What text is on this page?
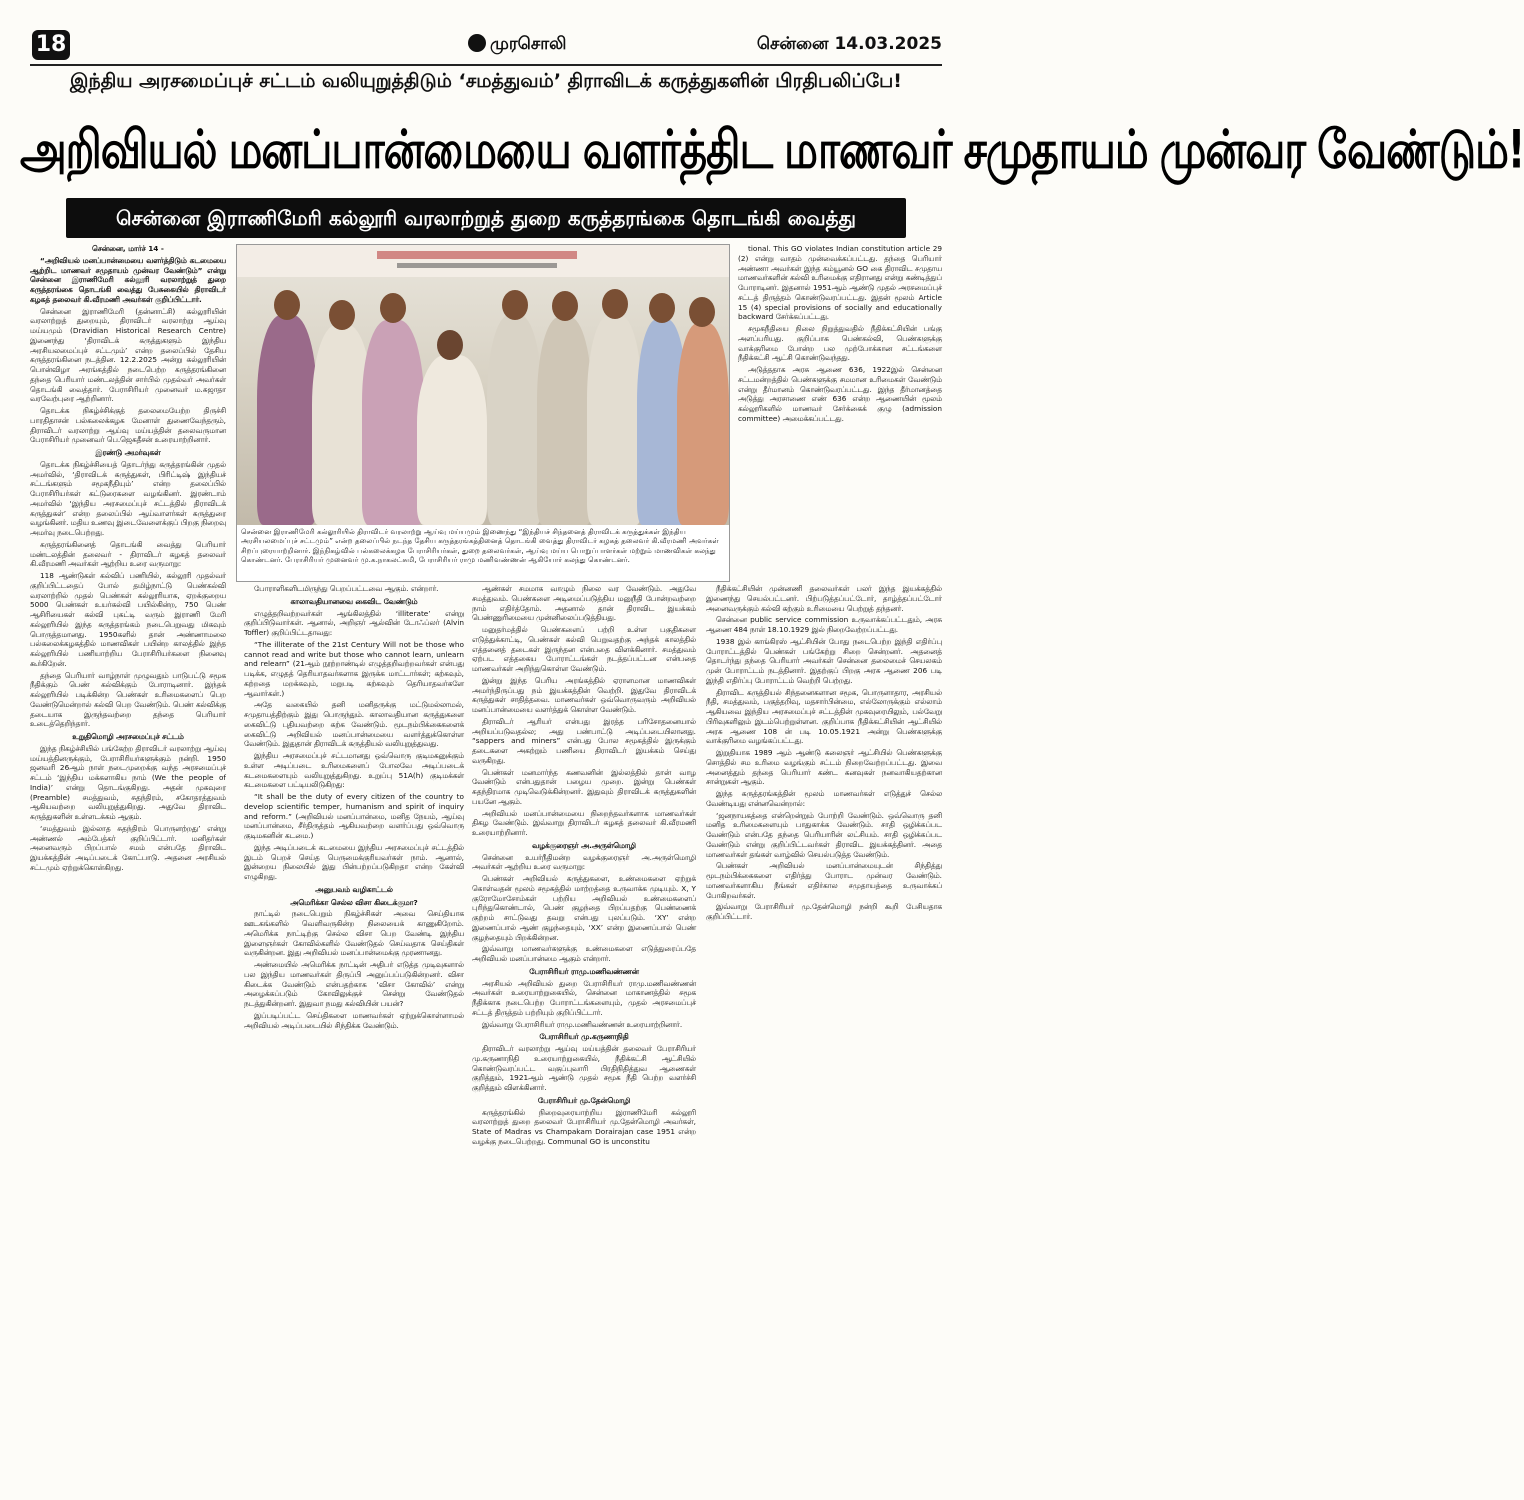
18	முரசொலி	சென்னை 14.03.2025
இந்திய அரசமைப்புச் சட்டம் வலியுறுத்திடும் ‘சமத்துவம்’ திராவிடக் கருத்துகளின் பிரதிபலிப்பே!
அறிவியல் மனப்பான்மையை வளர்த்திட மாணவர் சமுதாயம் முன்வர வேண்டும்!
சென்னை இராணிமேரி கல்லூரி வரலாற்றுத் துறை கருத்தரங்கை தொடங்கி வைத்து
சென்னை இராணிமேரி கல்லூரியில் திராவிடர் வரலாற்று ஆய்வு மய்யமும் இணைந்து “இந்தியச் சிந்தனைத் திராவிடக் கருத்துக்கள் இந்திய அரசியலமைப்புச் சட்டமும்” என்ற தலைப்பில் நடந்த தேசிய கருத்தரங்கத்தினைத் தொடங்கி வைத்து திராவிடர் கழகத் தலைவர் கி.வீரமணி அவர்கள் சிறப்புரையாற்றினார். இந்நிகழ்வில் பல்கலைக்கழக பேராசிரியர்கள், துறை தலைவர்கள், ஆய்வு மய்ய பொறுப்பாளர்கள் மற்றும் மாணவிகள் கலந்து கொண்டனர். பேராசிரியர் முனைவர் மு.க.நாகலட்சுமி, பேராசிரியர் ராமு மணிவண்ணன் ஆகியோர் கலந்து கொண்டனர்.

சென்னை, மார்ச் 14 -

“அறிவியல் மனப்பான்மையை வளர்த்திடும் கடமையை ஆற்றிட மாணவர் சமுதாயம் முன்வர வேண்டும்” என்று சென்னை இராணிமேரி கல்லூரி வரலாற்றுத் துறை கருத்தரங்கை தொடங்கி வைத்து பேசுகையில் திராவிடர் கழகத் தலைவர் கி.வீரமணி அவர்கள் குறிப்பிட்டார்.

சென்னை இராணிமேரி (தன்னாட்சி) கல்லூரியின் வரலாற்றுத் துறையும், திராவிடர் வரலாற்று ஆய்வு மய்யமும் (Dravidian Historical Research Centre) இணைந்து ‘திராவிடக் கருத்துகளும் இந்திய அரசியலமைப்புச் சட்டமும்’ என்ற தலைப்பில் தேசிய கருத்தரங்கினை நடத்தின. 12.2.2025 அன்று கல்லூரியின் பொன்விழா அரங்கத்தில் நடைபெற்ற கருத்தரங்கினை தந்தை பெரியார் மண்டலத்தின் சார்பில் முதல்வர் அவர்கள் தொடங்கி வைத்தார். பேராசிரியர் முனைவர் ம.சுஜாதா வரவேற்புரை ஆற்றினார்.

தொடக்க நிகழ்ச்சிக்குத் தலைமையேற்ற திருச்சி பாரதிதாசன் பல்கலைக்கழக மேனாள் துணைவேந்தரும், திராவிடர் வரலாற்று ஆய்வு மய்யத்தின் தலைவருமான பேராசிரியர் முனைவர் பெ.ஜெகதீசன் உரையாற்றினார்.

இரண்டு அமர்வுகள்

தொடக்க நிகழ்ச்சியைத் தொடர்ந்து கருத்தரங்கின் முதல் அமர்வில், ‘திராவிடக் கருத்துகள், பிரிட்டிஷ் இந்தியச் சட்டங்களும் சமூகநீதியும்’ என்ற தலைப்பில் பேராசிரியர்கள் கட்டுரைகளை வழங்கினர். இரண்டாம் அமர்வில் ‘இந்திய அரசமைப்புச் சட்டத்தில் திராவிடக் கருத்துகள்’ என்ற தலைப்பில் ஆய்வாளர்கள் கருத்துரை வழங்கினர். மதிய உணவு இடைவேளைக்குப் பிறகு நிறைவு அமர்வு நடைபெற்றது.

கருத்தரங்கினைத் தொடங்கி வைத்து பெரியார் மண்டலத்தின் தலைவர் - திராவிடர் கழகத் தலைவர் கி.வீரமணி அவர்கள் ஆற்றிய உரை வருமாறு:

118 ஆண்டுகள் கல்விப் பணியில், கல்லூரி முதல்வர் குறிப்பிட்டதைப் போல் தமிழ்நாட்டு பெண்கல்வி வரலாற்றில் முதல் பெண்கள் கல்லூரியாக, ஏறக்குறைய 5000 பெண்கள் உயர்கல்வி பயில்கின்ற, 750 பெண் ஆசிரியைகள் கல்வி புகட்டி வரும் இராணி மேரி கல்லூரியில் இந்த கருத்தரங்கம் நடைபெறுவது மிகவும் பொருத்தமானது. 1950களில் தான் அண்ணாமலை பல்கலைக்கழகத்தில் மாணவிகள் பயின்ற காலத்தில் இந்த கல்லூரியில் பணியாற்றிய பேராசிரியர்களை நினைவு கூர்கிறேன்.

தந்தை பெரியார் வாழ்நாள் முழுவதும் பாடுபட்டு சமூக நீதிக்கும் பெண் கல்விக்கும் போராடினார். இந்தக் கல்லூரியில் படிக்கின்ற பெண்கள் உரிமைகளைப் பெற வேண்டுமென்றால் கல்வி பெற வேண்டும். பெண் கல்விக்கு தடையாக இருந்தவற்றை தந்தை பெரியார் உடைத்தெறிந்தார்.

உறுதிமொழி அரசமைப்புச் சட்டம்

இந்த நிகழ்ச்சியில் பங்கேற்ற திராவிடர் வரலாற்று ஆய்வு மய்யத்தினருக்கும், பேராசிரியர்களுக்கும் நன்றி. 1950 ஜனவரி 26ஆம் நாள் நடைமுறைக்கு வந்த அரசமைப்புச் சட்டம் ‘இந்திய மக்களாகிய நாம் (We the people of India)’ என்று தொடங்குகிறது. அதன் முகவுரை (Preamble) சமத்துவம், சுதந்திரம், சகோதரத்துவம் ஆகியவற்றை வலியுறுத்துகிறது. அதுவே திராவிட கருத்துகளின் உள்ளடக்கம் ஆகும்.

‘சமத்துவம் இல்லாத சுதந்திரம் பொருளற்றது’ என்று அண்ணல் அம்பேத்கர் குறிப்பிட்டார். மனிதர்கள் அனைவரும் பிறப்பால் சமம் என்பதே திராவிட இயக்கத்தின் அடிப்படைக் கோட்பாடு. அதனை அரசியல் சட்டமும் ஏற்றுக்கொள்கிறது.

போராளிகளிடமிருந்து பெறப்பட்டவை ஆகும். என்றார்.

காலாவதியானவை கைவிட வேண்டும்

எழுத்தறிவற்றவர்கள் ஆங்கிலத்தில் ‘illiterate’ என்று குறிப்பிடுவார்கள். ஆனால், அறிஞர் ஆல்வின் டோஃப்லர் (Alvin Toffler) குறிப்பிட்டதாவது:

“The illiterate of the 21st Century Will not be those who cannot read and write but those who cannot learn, unlearn and relearn” (21ஆம் நூற்றாண்டில் எழுத்தறிவற்றவர்கள் என்பது படிக்க, எழுதத் தெரியாதவர்களாக இருக்க மாட்டார்கள்; கற்கவும், கற்றதை மறக்கவும், மறுபடி கற்கவும் தெரியாதவர்களே ஆவார்கள்.)

அதே வகையில் தனி மனிதருக்கு மட்டுமல்லாமல், சமுதாயத்திற்கும் இது பொருந்தும். காலாவதியான கருத்துகளை கைவிட்டு புதியவற்றை கற்க வேண்டும். மூடநம்பிக்கைகளைக் கைவிட்டு அறிவியல் மனப்பான்மையை வளர்த்துக்கொள்ள வேண்டும். இதுதான் திராவிடக் கருத்தியல் வலியுறுத்துவது.

இந்திய அரசமைப்புச் சட்டமானது ஒவ்வொரு குடிமகனுக்கும் உள்ள அடிப்படை உரிமைகளைப் போலவே அடிப்படைக் கடமைகளையும் வலியுறுத்துகிறது. உறுப்பு 51A(h) குடிமக்கள் கடமைகளை பட்டியலிடுகிறது:

“It shall be the duty of every citizen of the country to develop scientific temper, humanism and spirit of inquiry and reform.” (அறிவியல் மனப்பான்மை, மனித நேயம், ஆய்வு மனப்பான்மை, சீர்திருத்தம் ஆகியவற்றை வளர்ப்பது ஒவ்வொரு குடிமகனின் கடமை.)

இந்த அடிப்படைக் கடமையை இந்திய அரசமைப்புச் சட்டத்தில் இடம் பெறச் செய்த பெருமைக்குரியவர்கள் நாம். ஆனால், இன்றைய நிலையில் இது பின்பற்றப்படுகிறதா என்ற கேள்வி எழுகிறது.

அனுபவம் வழிகாட்டல்

அமெரிக்கா செல்ல விசா கிடைக்குமா?

நாட்டில் நடைபெறும் நிகழ்ச்சிகள் அவை செய்தியாக ஊடகங்களில் வெளிவருகின்ற நிலையைக் காணுகிறோம். அமெரிக்க நாட்டிற்கு செல்ல விசா பெற வேண்டி இந்திய இளைஞர்கள் கோவில்களில் வேண்டுதல் செய்வதாக செய்திகள் வருகின்றன. இது அறிவியல் மனப்பான்மைக்கு முரணானது.

அண்மையில் அமெரிக்க நாட்டின் அதிபர் எடுத்த முடிவுகளால் பல இந்திய மாணவர்கள் திருப்பி அனுப்பப்படுகின்றனர். விசா கிடைக்க வேண்டும் என்பதற்காக ‘விசா கோவில்’ என்று அழைக்கப்படும் கோவிலுக்குச் சென்று வேண்டுதல் நடத்துகின்றனர். இதுவா நமது கல்வியின் பயன்?

இப்படிப்பட்ட செய்திகளை மாணவர்கள் ஏற்றுக்கொள்ளாமல் அறிவியல் அடிப்படையில் சிந்திக்க வேண்டும்.

ஆண்கள் சமமாக வாழும் நிலை வர வேண்டும். அதுவே சமத்துவம். பெண்களை அடிமைப்படுத்திய மனுநீதி போன்றவற்றை நாம் எதிர்த்தோம். அதனால் தான் திராவிட இயக்கம் பெண்ணுரிமையை முன்னிலைப்படுத்தியது.

மனுதர்மத்தில் பெண்களைப் பற்றி உள்ள பகுதிகளை எடுத்துக்காட்டி, பெண்கள் கல்வி பெறுவதற்கு அந்தக் காலத்தில் எத்தனைத் தடைகள் இருந்தன என்பதை விளக்கினார். சமத்துவம் ஏற்பட எத்தகைய போராட்டங்கள் நடத்தப்பட்டன என்பதை மாணவர்கள் அறிந்துகொள்ள வேண்டும்.

இன்று இந்த பெரிய அரங்கத்தில் ஏராளமான மாணவிகள் அமர்ந்திருப்பது நம் இயக்கத்தின் வெற்றி. இதுவே திராவிடக் கருத்துகள் சாதித்தவை. மாணவர்கள் ஒவ்வொருவரும் அறிவியல் மனப்பான்மையை வளர்த்துக் கொள்ள வேண்டும்.

திராவிடர் ஆரியர் என்பது இரத்த பரிசோதனையால் அறியப்படுவதல்ல; அது பண்பாட்டு அடிப்படையிலானது. “sappers and miners” என்பது போல சமூகத்தில் இருக்கும் தடைகளை அகற்றும் பணியை திராவிடர் இயக்கம் செய்து வருகிறது.

பெண்கள் மனமார்ந்த கணவனின் இல்லத்தில் தான் வாழ வேண்டும் என்பதுதான் பழைய முறை. இன்று பெண்கள் சுதந்திரமாக முடிவெடுக்கின்றனர். இதுவும் திராவிடக் கருத்துகளின் பயனே ஆகும்.

அறிவியல் மனப்பான்மையை நிறைந்தவர்களாக மாணவர்கள் திகழ வேண்டும். இவ்வாறு திராவிடர் கழகத் தலைவர் கி.வீரமணி உரையாற்றினார்.

வழக்குரைஞர் அ.அருள்மொழி

சென்னை உயர்நீதிமன்ற வழக்குரைஞர் அ.அருள்மொழி அவர்கள் ஆற்றிய உரை வருமாறு:

பெண்கள் அறிவியல் கருத்துகளை, உண்மைகளை ஏற்றுக் கொள்வதன் மூலம் சமூகத்தில் மாற்றத்தை உருவாக்க முடியும். X, Y குரோமோசோம்கள் பற்றிய அறிவியல் உண்மைகளைப் புரிந்துகொண்டால், பெண் குழந்தை பிறப்பதற்கு பெண்ணைக் குற்றம் சாட்டுவது தவறு என்பது புலப்படும். ‘XY’ என்ற இணைப்பால் ஆண் குழந்தையும், ‘XX’ என்ற இணைப்பால் பெண் குழந்தையும் பிறக்கின்றன.

இவ்வாறு மாணவர்களுக்கு உண்மைகளை எடுத்துரைப்பதே அறிவியல் மனப்பான்மை ஆகும் என்றார்.

பேராசிரியர் ராமு.மணிவண்ணன்

அரசியல் அறிவியல் துறை பேராசிரியர் ராமு.மணிவண்ணன் அவர்கள் உரையாற்றுகையில், சென்னை மாகாணத்தில் சமூக நீதிக்காக நடைபெற்ற போராட்டங்களையும், முதல் அரசமைப்புச் சட்டத் திருத்தம் பற்றியும் குறிப்பிட்டார்.

இவ்வாறு பேராசிரியர் ராமு.மணிவண்ணன் உரையாற்றினார்.

பேராசிரியர் மு.கருணாநிதி

திராவிடர் வரலாற்று ஆய்வு மய்யத்தின் தலைவர் பேராசிரியர் மு.கருணாநிதி உரையாற்றுகையில், நீதிக்கட்சி ஆட்சியில் கொண்டுவரப்பட்ட வகுப்புவாரி பிரதிநிதித்துவ ஆணைகள் குறித்தும், 1921ஆம் ஆண்டு முதல் சமூக நீதி பெற்ற வளர்ச்சி குறித்தும் விளக்கினார்.

பேராசிரியர் மு.தேன்மொழி

கருத்தரங்கில் நிறைவுரையாற்றிய இராணிமேரி கல்லூரி வரலாற்றுத் துறை தலைவர் பேராசிரியர் மு.தேன்மொழி அவர்கள், State of Madras vs Champakam Dorairajan case 1951 என்ற வழக்கு நடைபெற்றது. Communal GO is unconstitu

tional. This GO violates Indian constitution article 29 (2) என்று வாதம் முன்வைக்கப்பட்டது. தந்தை பெரியார் அண்ணா அவர்கள் இந்த கம்யூனல் GO கை திராவிட சமுதாய மாணவர்களின் கல்வி உரிமைக்கு எதிரானது என்று கண்டித்துப் போராடினர். இதனால் 1951ஆம் ஆண்டு முதல் அரசமைப்புச் சட்டத் திருத்தம் கொண்டுவரப்பட்டது. இதன் மூலம் Article 15 (4) special provisions of socially and educationally backward சேர்க்கப்பட்டது.

சமூகநீதியை நிலை நிறுத்துவதில் நீதிக்கட்சியின் பங்கு அளப்பரியது. குறிப்பாக பெண்கல்வி, பெண்களுக்கு வாக்குரிமை போன்ற பல முற்போக்கான சட்டங்களை நீதிக்கட்சி ஆட்சி கொண்டுவந்தது.

அடுத்ததாக அரசு ஆணை 636, 1922இல் சென்னை சட்டமன்றத்தில் பெண்களுக்கு சமமான உரிமைகள் வேண்டும் என்று தீர்மானம் கொண்டுவரப்பட்டது. இந்த தீர்மானத்தை அடுத்து அரசாணை எண் 636 என்ற ஆணையின் மூலம் கல்லூரிகளில் மாணவர் சேர்க்கைக் குழு (admission committee) அமைக்கப்பட்டது.

நீதிக்கட்சியின் முன்னணி தலைவர்கள் பலர் இந்த இயக்கத்தில் இணைந்து செயல்பட்டனர். பிற்படுத்தப்பட்டோர், தாழ்த்தப்பட்டோர் அனைவருக்கும் கல்வி கற்கும் உரிமையை பெற்றுத் தந்தனர்.

சென்னை public service commission உருவாக்கப்பட்டதும், அரசு ஆணை 484 நாள் 18.10.1929 இல் நிறைவேற்றப்பட்டது.

1938 இல் காங்கிரஸ் ஆட்சியின் போது நடைபெற்ற இந்தி எதிர்ப்பு போராட்டத்தில் பெண்கள் பங்கேற்று சிறை சென்றனர். அதனைத் தொடர்ந்து தந்தை பெரியார் அவர்கள் சென்னை தலைமைச் செயலகம் முன் போராட்டம் நடத்தினார். இதற்குப் பிறகு அரசு ஆணை 206 படி இந்தி எதிர்ப்பு போராட்டம் வெற்றி பெற்றது.

திராவிட கருத்தியல் சிந்தனைகளான சமூக, பொருளாதார, அரசியல் நீதி, சமத்துவம், பகுத்தறிவு, மதசார்பின்மை, எல்லோருக்கும் எல்லாம் ஆகியவை இந்திய அரசமைப்புச் சட்டத்தின் முகவுரையிலும், பல்வேறு பிரிவுகளிலும் இடம்பெற்றுள்ளன. குறிப்பாக நீதிக்கட்சியின் ஆட்சியில் அரசு ஆணை 108 ன் படி 10.05.1921 அன்று பெண்களுக்கு வாக்குரிமை வழங்கப்பட்டது.

இறுதியாக 1989 ஆம் ஆண்டு கலைஞர் ஆட்சியில் பெண்களுக்கு சொத்தில் சம உரிமை வழங்கும் சட்டம் நிறைவேற்றப்பட்டது. இவை அனைத்தும் தந்தை பெரியார் கண்ட கனவுகள் நனவாகியதற்கான சான்றுகள் ஆகும்.

இந்த கருத்தரங்கத்தின் மூலம் மாணவர்கள் எடுத்துச் செல்ல வேண்டியது என்னவென்றால்:

‘ஜனநாயகத்தை என்றென்றும் போற்றி வேண்டும். ஒவ்வொரு தனி மனித உரிமைகளையும் பாதுகாக்க வேண்டும். சாதி ஒழிக்கப்பட வேண்டும் என்பதே தந்தை பெரியாரின் லட்சியம். சாதி ஒழிக்கப்பட வேண்டும் என்று குறிப்பிட்டவர்கள் திராவிட இயக்கத்தினர். அதை மாணவர்கள் தங்கள் வாழ்வில் செயல்படுத்த வேண்டும்.

பெண்கள் அறிவியல் மனப்பான்மையுடன் சிந்தித்து மூடநம்பிக்கைகளை எதிர்த்து போராட முன்வர வேண்டும். மாணவர்களாகிய நீங்கள் எதிர்கால சமுதாயத்தை உருவாக்கப் போகிறவர்கள்.

இவ்வாறு பேராசிரியர் மு.தேன்மொழி நன்றி கூறி பேசியதாக குறிப்பிட்டார்.
